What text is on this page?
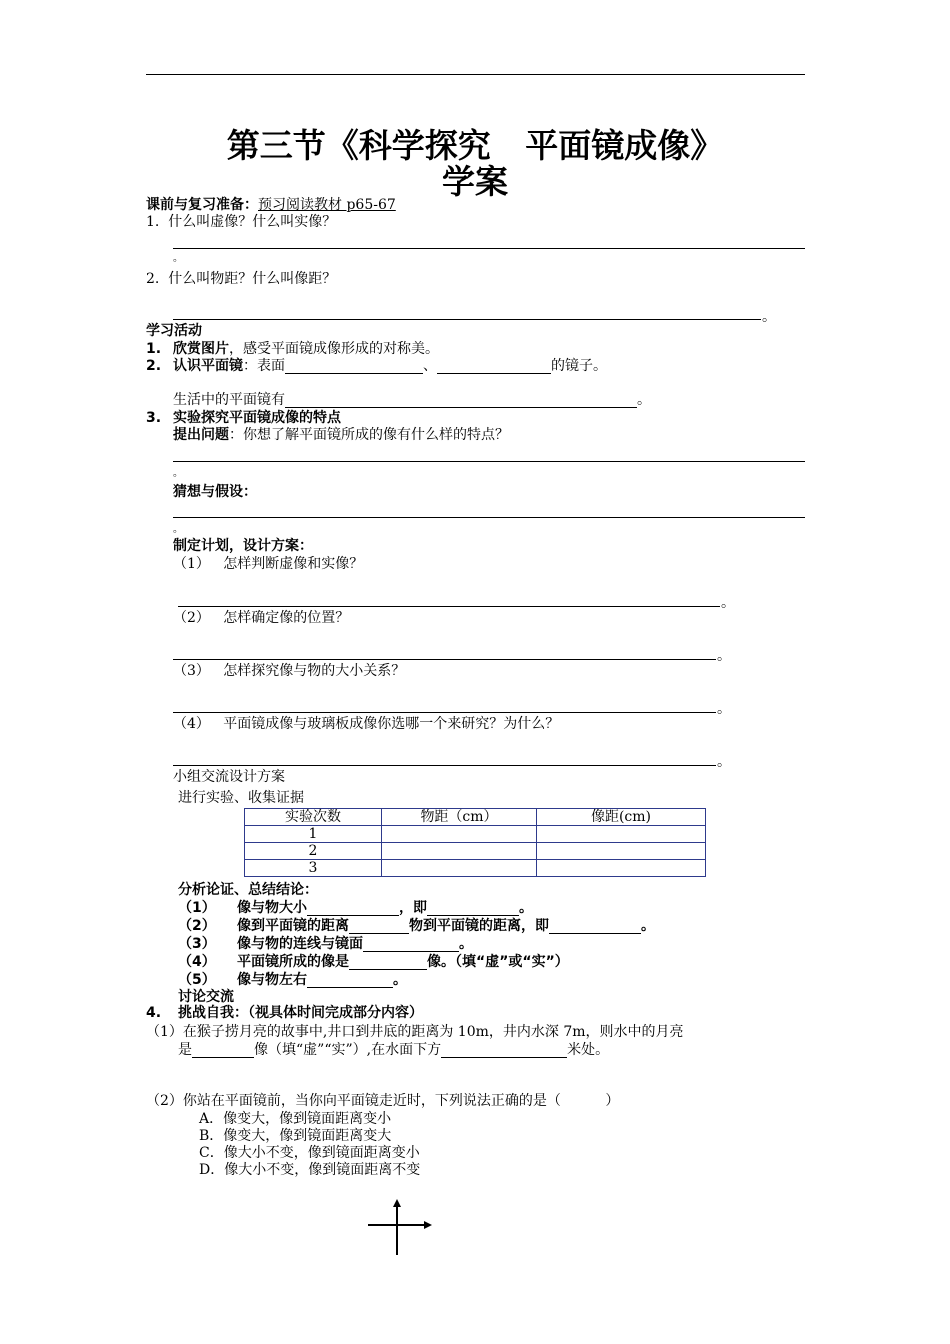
第三节《科学探究   平面镜成像》
学案
课前与复习准备：预习阅读教材 p65-67
1.  什么叫虚像？什么叫实像？
。
2.  什么叫物距？什么叫像距？
。
学习活动
1. 欣赏图片，感受平面镜成像形成的对称美。
2. 认识平面镜：表面	、	的镜子。
生活中的平面镜有	。
3. 实验探究平面镜成像的特点
提出问题：你想了解平面镜所成的像有什么样的特点？
。
猜想与假设：
。
制定计划，设计方案：
（1）   怎样判断虚像和实像？
。
（2）   怎样确定像的位置？
。
（3）   怎样探究像与物的大小关系？
。
（4）   平面镜成像与玻璃板成像你选哪一个来研究？为什么？
。
小组交流设计方案
进行实验、收集证据
实验次数	物距（cm）	像距(cm)
1		
2		
3		
分析论证、总结结论：
（1） 像与物大小	，即	。
（2） 像到平面镜的距离	物到平面镜的距离，即	。
（3） 像与物的连线与镜面	。
（4） 平面镜所成的像是	像。（填“虚”或“实”）
（5） 像与物左右	。
讨论交流
4. 挑战自我：（视具体时间完成部分内容）
（1）在猴子捞月亮的故事中,井口到井底的距离为 10m，井内水深 7m，则水中的月亮
是	像（填“虚”“实”）,在水面下方	米处。
（2）你站在平面镜前，当你向平面镜走近时，下列说法正确的是（          ）
A．像变大，像到镜面距离变小
B．像变大，像到镜面距离变大
C．像大小不变，像到镜面距离变小
D．像大小不变，像到镜面距离不变
